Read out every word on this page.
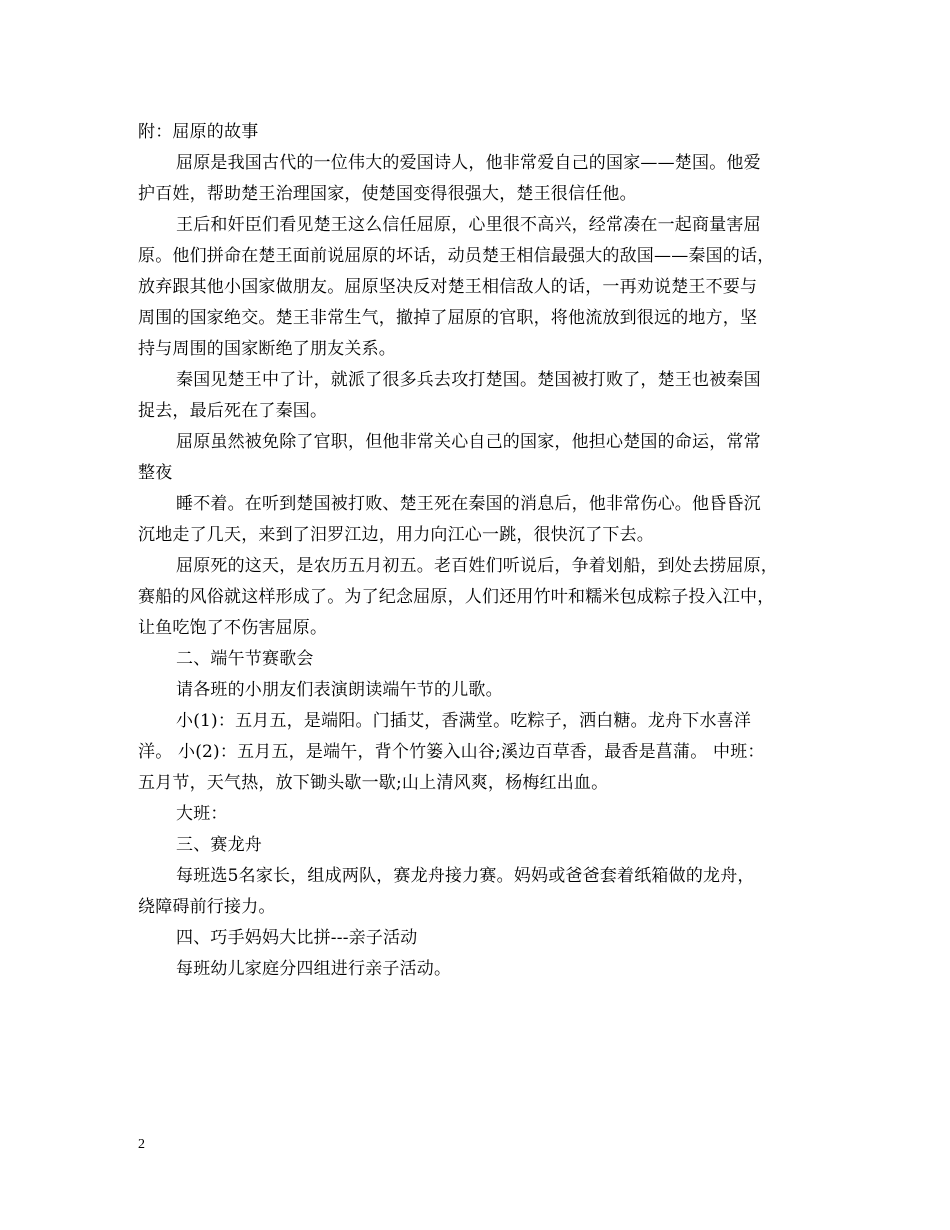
附：屈原的故事
屈原是我国古代的一位伟大的爱国诗人，他非常爱自己的国家——楚国。他爱
护百姓，帮助楚王治理国家，使楚国变得很强大，楚王很信任他。
王后和奸臣们看见楚王这么信任屈原，心里很不高兴，经常凑在一起商量害屈
原。他们拼命在楚王面前说屈原的坏话，动员楚王相信最强大的敌国——秦国的话，
放弃跟其他小国家做朋友。屈原坚决反对楚王相信敌人的话，一再劝说楚王不要与
周围的国家绝交。楚王非常生气，撤掉了屈原的官职，将他流放到很远的地方，坚
持与周围的国家断绝了朋友关系。
秦国见楚王中了计，就派了很多兵去攻打楚国。楚国被打败了，楚王也被秦国
捉去，最后死在了秦国。
屈原虽然被免除了官职，但他非常关心自己的国家，他担心楚国的命运，常常
整夜
睡不着。在听到楚国被打败、楚王死在秦国的消息后，他非常伤心。他昏昏沉
沉地走了几天，来到了汨罗江边，用力向江心一跳，很快沉了下去。
屈原死的这天，是农历五月初五。老百姓们听说后，争着划船，到处去捞屈原，
赛船的风俗就这样形成了。为了纪念屈原，人们还用竹叶和糯米包成粽子投入江中，
让鱼吃饱了不伤害屈原。
二、端午节赛歌会
请各班的小朋友们表演朗读端午节的儿歌。
小(1)：五月五，是端阳。门插艾，香满堂。吃粽子，洒白糖。龙舟下水喜洋
洋。 小(2)：五月五，是端午，背个竹篓入山谷;溪边百草香，最香是菖蒲。 中班：
五月节，天气热，放下锄头歇一歇;山上清风爽，杨梅红出血。
大班：
三、赛龙舟
每班选5名家长，组成两队，赛龙舟接力赛。妈妈或爸爸套着纸箱做的龙舟，
绕障碍前行接力。
四、巧手妈妈大比拼---亲子活动
每班幼儿家庭分四组进行亲子活动。
2
